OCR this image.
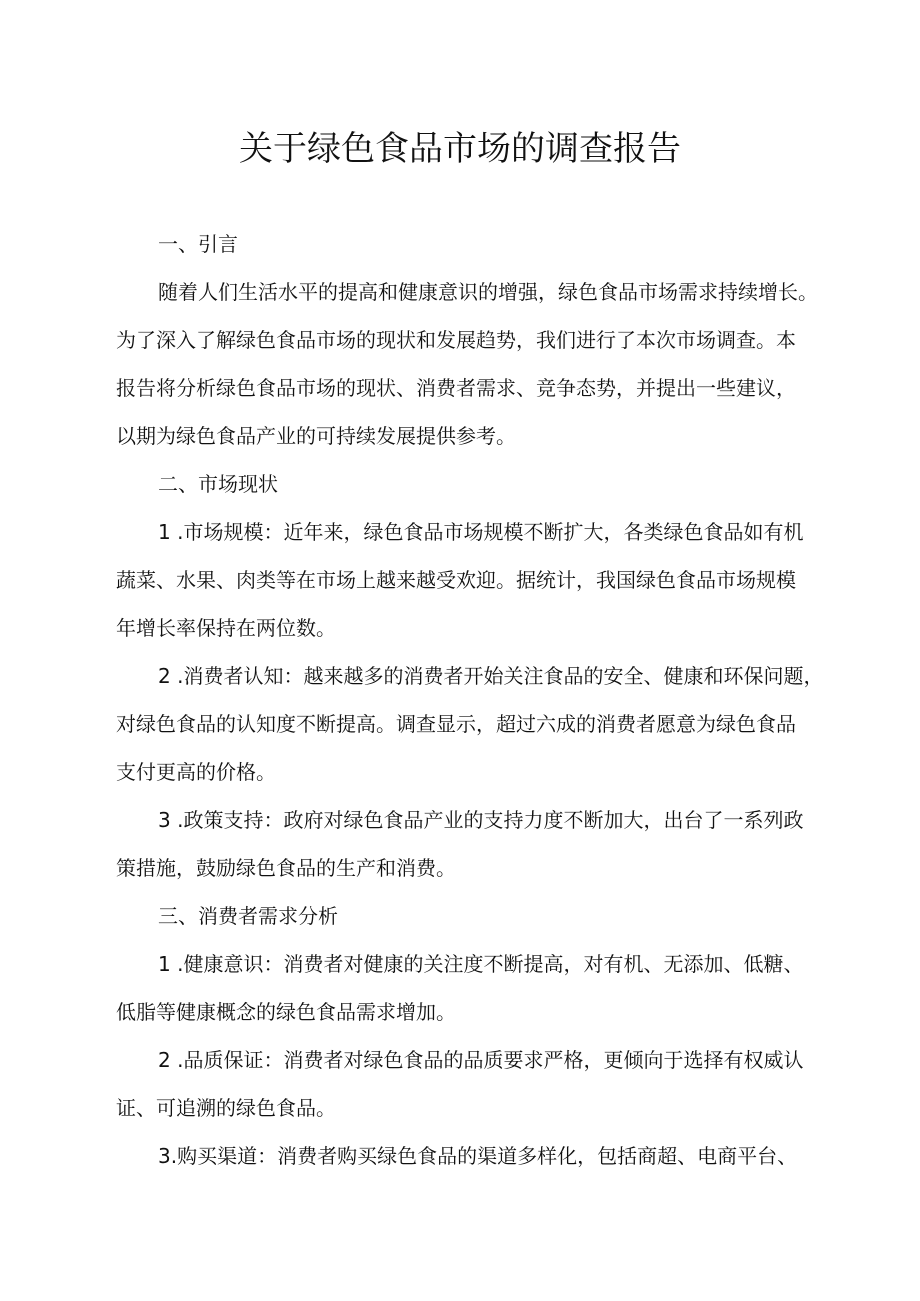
关于绿色食品市场的调查报告
一、引言
随着人们生活水平的提高和健康意识的增强，绿色食品市场需求持续增长。
为了深入了解绿色食品市场的现状和发展趋势，我们进行了本次市场调查。本
报告将分析绿色食品市场的现状、消费者需求、竞争态势，并提出一些建议，
以期为绿色食品产业的可持续发展提供参考。
二、市场现状
1 .市场规模：近年来，绿色食品市场规模不断扩大，各类绿色食品如有机
蔬菜、水果、肉类等在市场上越来越受欢迎。据统计，我国绿色食品市场规模
年增长率保持在两位数。
2 .消费者认知：越来越多的消费者开始关注食品的安全、健康和环保问题，
对绿色食品的认知度不断提高。调查显示，超过六成的消费者愿意为绿色食品
支付更高的价格。
3 .政策支持：政府对绿色食品产业的支持力度不断加大，出台了一系列政
策措施，鼓励绿色食品的生产和消费。
三、消费者需求分析
1 .健康意识：消费者对健康的关注度不断提高，对有机、无添加、低糖、
低脂等健康概念的绿色食品需求增加。
2 .品质保证：消费者对绿色食品的品质要求严格，更倾向于选择有权威认
证、可追溯的绿色食品。
3.购买渠道：消费者购买绿色食品的渠道多样化，包括商超、电商平台、
